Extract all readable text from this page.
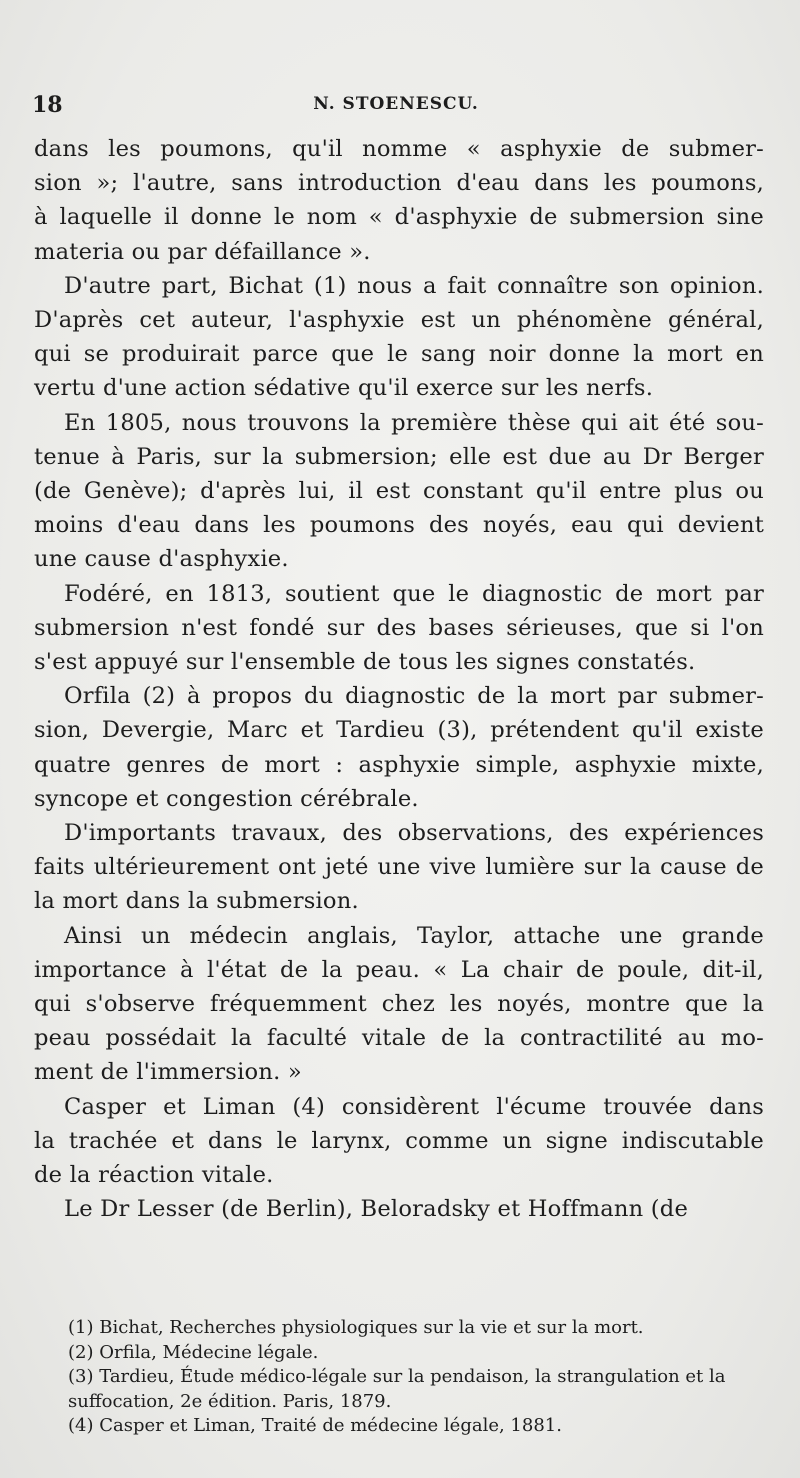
18	N. STOENESCU.

dans les poumons, qu'il nomme « asphyxie de submer-
sion »; l'autre, sans introduction d'eau dans les poumons,
à laquelle il donne le nom « d'asphyxie de submersion sine
materia ou par défaillance ».

D'autre part, Bichat (1) nous a fait connaître son opinion.
D'après cet auteur, l'asphyxie est un phénomène général,
qui se produirait parce que le sang noir donne la mort en
vertu d'une action sédative qu'il exerce sur les nerfs.

En 1805, nous trouvons la première thèse qui ait été sou-
tenue à Paris, sur la submersion; elle est due au Dr Berger
(de Genève); d'après lui, il est constant qu'il entre plus ou
moins d'eau dans les poumons des noyés, eau qui devient
une cause d'asphyxie.

Fodéré, en 1813, soutient que le diagnostic de mort par
submersion n'est fondé sur des bases sérieuses, que si l'on
s'est appuyé sur l'ensemble de tous les signes constatés.

Orfila (2) à propos du diagnostic de la mort par submer-
sion, Devergie, Marc et Tardieu (3), prétendent qu'il existe
quatre genres de mort : asphyxie simple, asphyxie mixte,
syncope et congestion cérébrale.

D'importants travaux, des observations, des expériences
faits ultérieurement ont jeté une vive lumière sur la cause de
la mort dans la submersion.

Ainsi un médecin anglais, Taylor, attache une grande
importance à l'état de la peau. « La chair de poule, dit-il,
qui s'observe fréquemment chez les noyés, montre que la
peau possédait la faculté vitale de la contractilité au mo-
ment de l'immersion. »

Casper et Liman (4) considèrent l'écume trouvée dans
la trachée et dans le larynx, comme un signe indiscutable
de la réaction vitale.

Le Dr Lesser (de Berlin), Beloradsky et Hoffmann (de

(1) Bichat, Recherches physiologiques sur la vie et sur la mort.
(2) Orfila, Médecine légale.
(3) Tardieu, Étude médico-légale sur la pendaison, la strangulation et la suffocation, 2e édition. Paris, 1879.
(4) Casper et Liman, Traité de médecine légale, 1881.
